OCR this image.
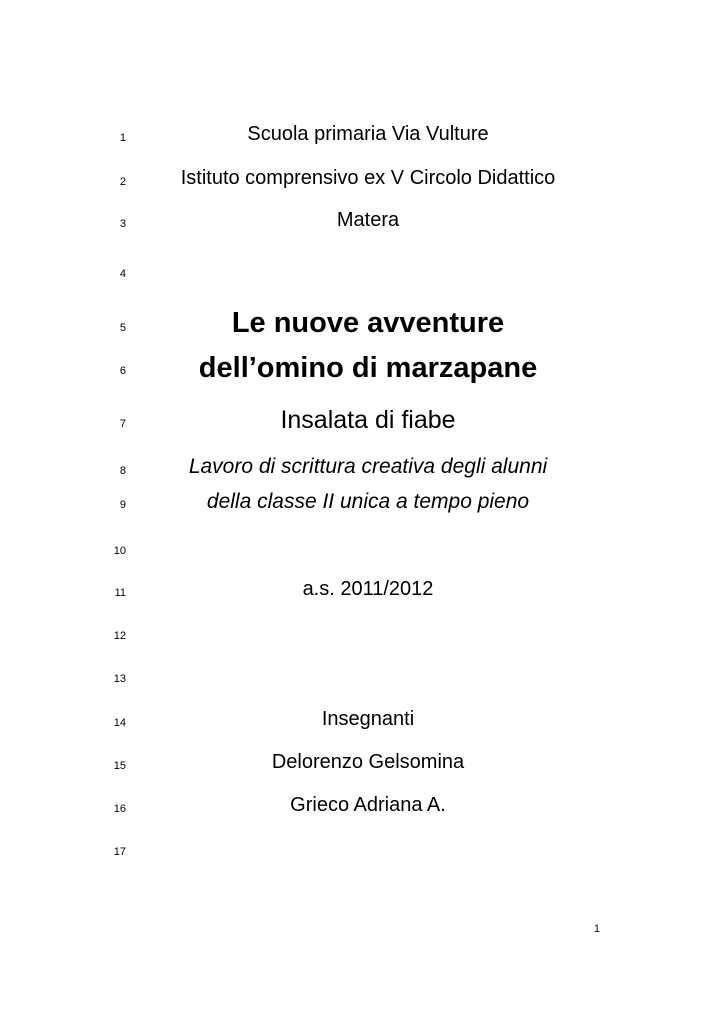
1
2
3
4
5
6
7
8
9
10
11
12
13
14
15
16
17
Scuola primaria Via Vulture
Istituto comprensivo ex V Circolo Didattico
Matera
Le nuove avventure
dell’omino di marzapane
Insalata di fiabe
Lavoro di scrittura creativa degli alunni
della classe II unica a tempo pieno
a.s. 2011/2012
Insegnanti
Delorenzo Gelsomina
Grieco Adriana A.
1
